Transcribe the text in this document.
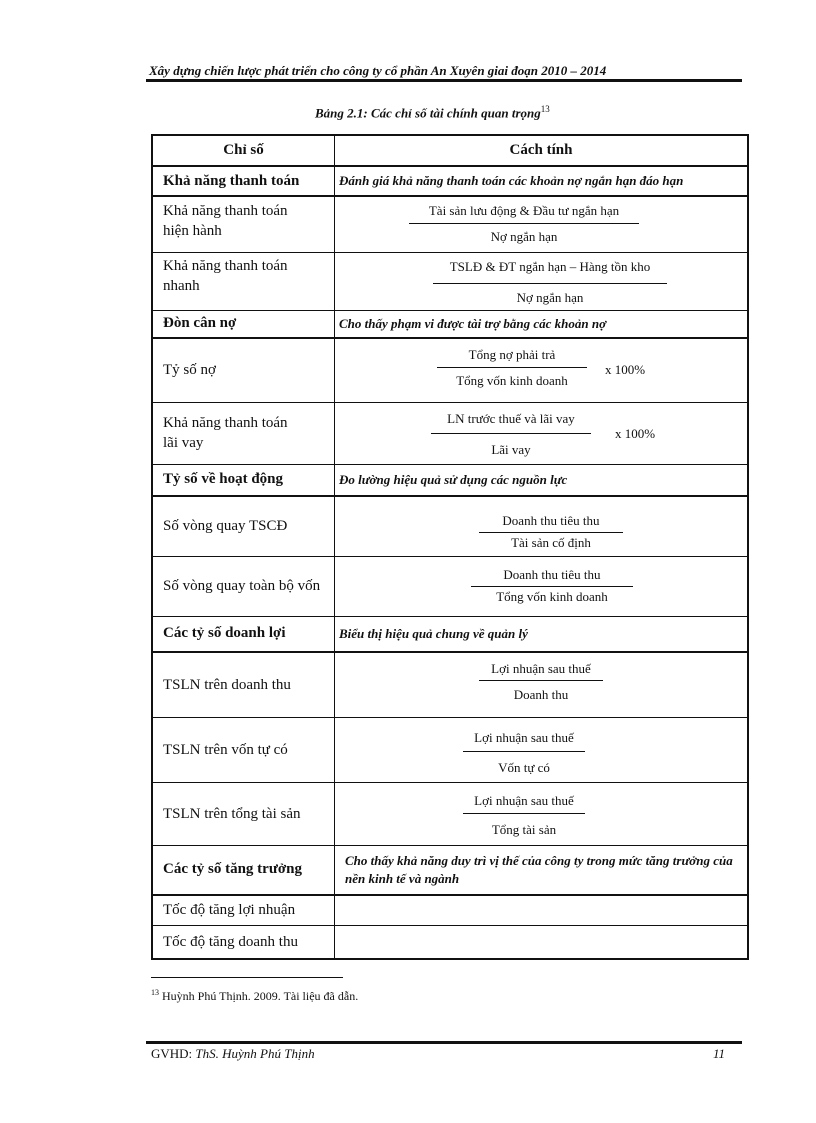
Xây dựng chiến lược phát triển cho công ty cổ phần An Xuyên giai đoạn 2010 – 2014
Bảng 2.1: Các chỉ số tài chính quan trọng$^{13}$
Chỉ số	Cách tính
Khả năng thanh toán	Đánh giá khả năng thanh toán các khoản nợ ngắn hạn đáo hạn
Khả năng thanh toán
hiện hành	Tài sản lưu động & Đầu tư ngắn hạn
Nợ ngắn hạn

Khả năng thanh toán
nhanh	TSLĐ & ĐT ngắn hạn – Hàng tồn kho
Nợ ngắn hạn

Đòn cân nợ	Cho thấy phạm vi được tài trợ bằng các khoản nợ
Tỷ số nợ	Tổng nợ phải trả
Tổng vốn kinh doanh
x 100%

Khả năng thanh toán
lãi vay	LN trước thuế và lãi vay
Lãi vay
x 100%

Tỷ số về hoạt động	Đo lường hiệu quả sử dụng các nguồn lực
Số vòng quay TSCĐ	Doanh thu tiêu thu
Tài sản cố định

Số vòng quay toàn bộ vốn	Doanh thu tiêu thu
Tổng vốn kinh doanh

Các tỷ số doanh lợi	Biểu thị hiệu quả chung về quản lý
TSLN trên doanh thu	Lợi nhuận sau thuế
Doanh thu

TSLN trên vốn tự có	Lợi nhuận sau thuế
Vốn tự có

TSLN trên tổng tài sản	Lợi nhuận sau thuế
Tổng tài sản

Các tỷ số tăng trưởng	Cho thấy khả năng duy trì vị thế của công ty trong mức tăng trưởng của nền kinh tế và ngành
Tốc độ tăng lợi nhuận	
Tốc độ tăng doanh thu	
$^{13}$ Huỳnh Phú Thịnh. 2009. Tài liệu đã dẫn.
GVHD: ThS. Huỳnh Phú Thịnh	11
